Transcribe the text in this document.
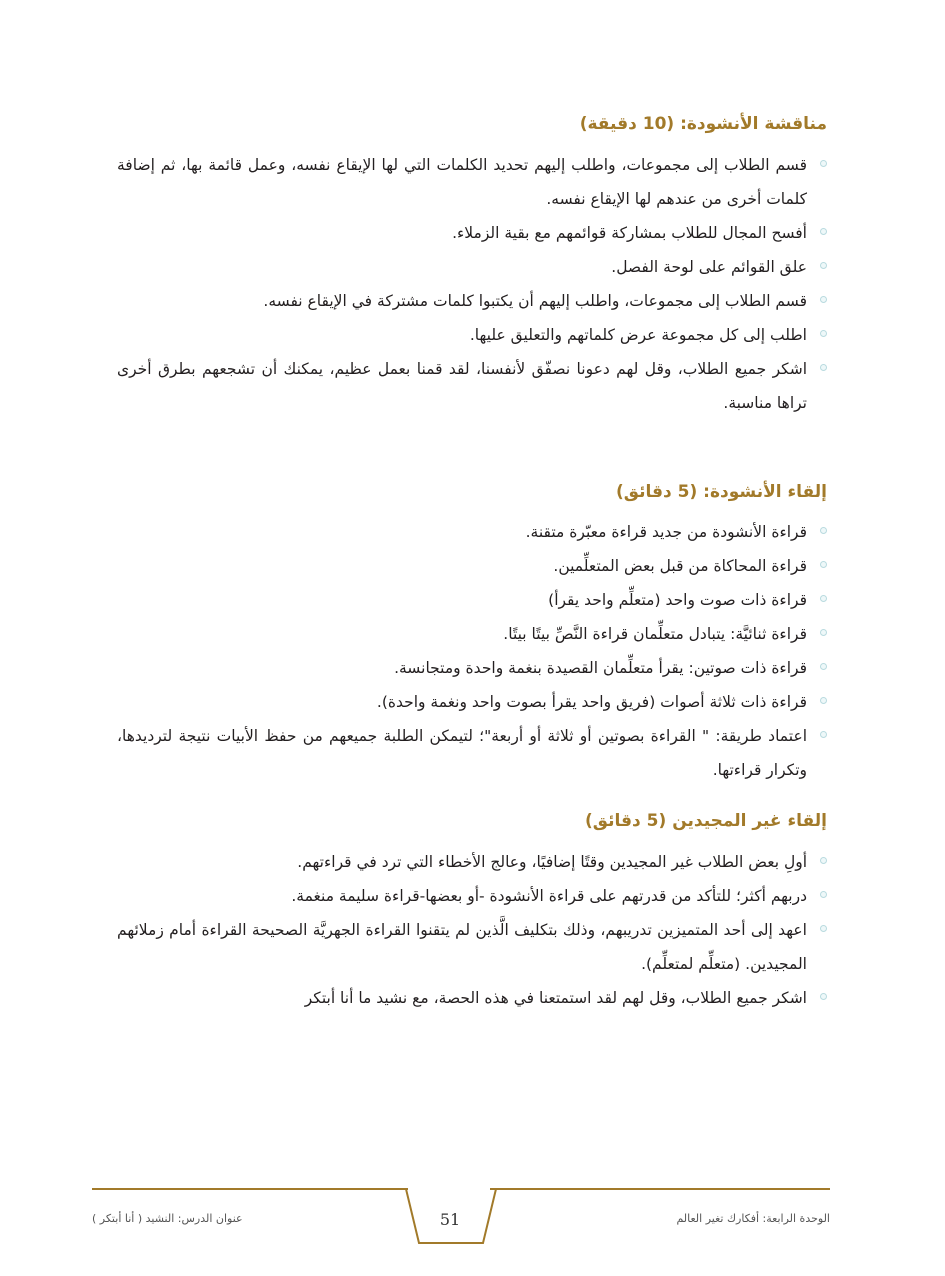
مناقشة الأنشودة: (10 دقيقة)
قسم الطلاب إلى مجموعات، واطلب إليهم تحديد الكلمات التي لها الإيقاع نفسه، وعمل قائمة بها، ثم إضافة كلمات أخرى من عندهم لها الإيقاع نفسه.
أفسح المجال للطلاب بمشاركة قوائمهم مع بقية الزملاء.
علق القوائم على لوحة الفصل.
قسم الطلاب إلى مجموعات، واطلب إليهم أن يكتبوا كلمات مشتركة في الإيقاع نفسه.
اطلب إلى كل مجموعة عرض كلماتهم والتعليق عليها.
اشكر جميع الطلاب، وقل لهم دعونا نصفّق لأنفسنا، لقد قمنا بعمل عظيم، يمكنك أن تشجعهم بطرق أخرى تراها مناسبة.
إلقاء الأنشودة: (5 دقائق)
قراءة الأنشودة من جديد قراءة معبّرة متقنة.
قراءة المحاكاة من قبل بعض المتعلِّمين.
قراءة ذات صوت واحد (متعلِّم واحد يقرأ)
قراءة ثنائيَّة: يتبادل متعلِّمان قراءة النَّصِّ بيتًا بيتًا.
قراءة ذات صوتين: يقرأ متعلِّمان القصيدة بنغمة واحدة ومتجانسة.
قراءة ذات ثلاثة أصوات (فريق واحد يقرأ بصوت واحد ونغمة واحدة).
اعتماد طريقة: " القراءة بصوتين أو ثلاثة أو أربعة"؛ لتيمكن الطلبة جميعهم من حفظ الأبيات نتيجة لترديدها، وتكرار قراءتها.
إلقاء غير المجيدين (5 دقائق)
أولِ بعض الطلاب غير المجيدين وقتًا إضافيًا، وعالج الأخطاء التي ترد في قراءتهم.
دربهم أكثر؛ للتأكد من قدرتهم على قراءة الأنشودة -أو بعضها-قراءة سليمة منغمة.
اعهد إلى أحد المتميزين تدريبهم، وذلك بتكليف الَّذين لم يتقنوا القراءة الجهريَّة الصحيحة القراءة أمام زملائهم المجيدين. (متعلِّم لمتعلِّم).
اشكر جميع الطلاب، وقل لهم لقد استمتعنا في هذه الحصة، مع نشيد ما أنا أبتكر
51	الوحدة الرابعة: أفكارك تغير العالم
عنوان الدرس: النشيد ( أنا أبتكر )
